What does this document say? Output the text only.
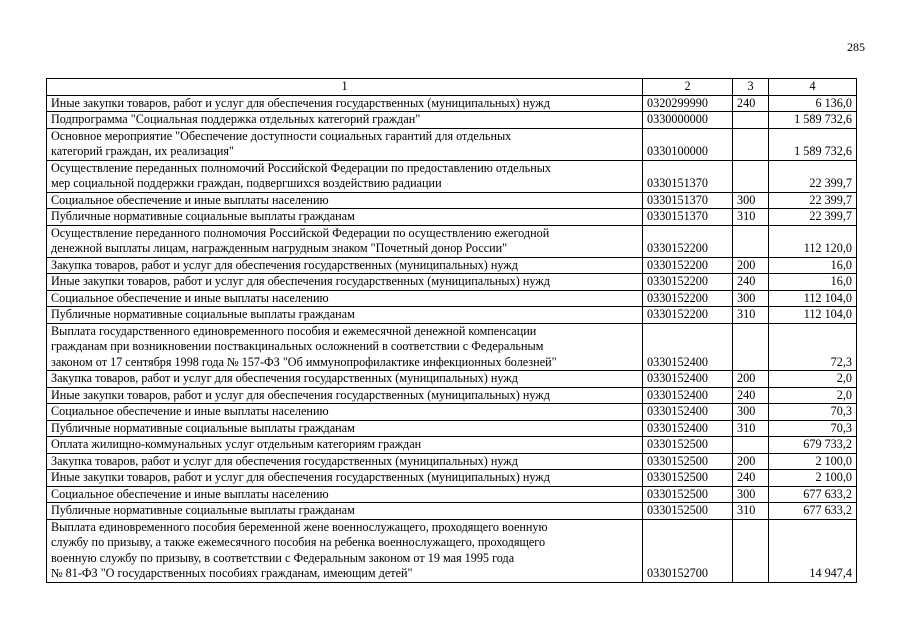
285
1	2	3	4
Иные закупки товаров, работ и услуг для обеспечения государственных (муниципальных) нужд	0320299990	240	6 136,0
Подпрограмма "Социальная поддержка отдельных категорий граждан"	0330000000		1 589 732,6
Основное мероприятие "Обеспечение доступности социальных гарантий для отдельных
категорий граждан, их реализация"	0330100000		1 589 732,6
Осуществление переданных полномочий Российской Федерации по предоставлению отдельных
мер социальной поддержки граждан, подвергшихся воздействию радиации	0330151370		22 399,7
Социальное обеспечение и иные выплаты населению	0330151370	300	22 399,7
Публичные нормативные социальные выплаты гражданам	0330151370	310	22 399,7
Осуществление переданного полномочия Российской Федерации по осуществлению ежегодной
денежной выплаты лицам, награжденным нагрудным знаком "Почетный донор России"	0330152200		112 120,0
Закупка товаров, работ и услуг для обеспечения государственных (муниципальных) нужд	0330152200	200	16,0
Иные закупки товаров, работ и услуг для обеспечения государственных (муниципальных) нужд	0330152200	240	16,0
Социальное обеспечение и иные выплаты населению	0330152200	300	112 104,0
Публичные нормативные социальные выплаты гражданам	0330152200	310	112 104,0
Выплата государственного единовременного пособия и ежемесячной денежной компенсации
гражданам при возникновении поствакцинальных осложнений в соответствии с Федеральным
законом от 17 сентября 1998 года № 157-ФЗ "Об иммунопрофилактике инфекционных болезней"	0330152400		72,3
Закупка товаров, работ и услуг для обеспечения государственных (муниципальных) нужд	0330152400	200	2,0
Иные закупки товаров, работ и услуг для обеспечения государственных (муниципальных) нужд	0330152400	240	2,0
Социальное обеспечение и иные выплаты населению	0330152400	300	70,3
Публичные нормативные социальные выплаты гражданам	0330152400	310	70,3
Оплата жилищно-коммунальных услуг отдельным категориям граждан	0330152500		679 733,2
Закупка товаров, работ и услуг для обеспечения государственных (муниципальных) нужд	0330152500	200	2 100,0
Иные закупки товаров, работ и услуг для обеспечения государственных (муниципальных) нужд	0330152500	240	2 100,0
Социальное обеспечение и иные выплаты населению	0330152500	300	677 633,2
Публичные нормативные социальные выплаты гражданам	0330152500	310	677 633,2
Выплата единовременного пособия беременной жене военнослужащего, проходящего военную
службу по призыву, а также ежемесячного пособия на ребенка военнослужащего, проходящего
военную службу по призыву, в соответствии с Федеральным законом от 19 мая 1995 года
№ 81-ФЗ "О государственных пособиях гражданам, имеющим детей"	0330152700		14 947,4
